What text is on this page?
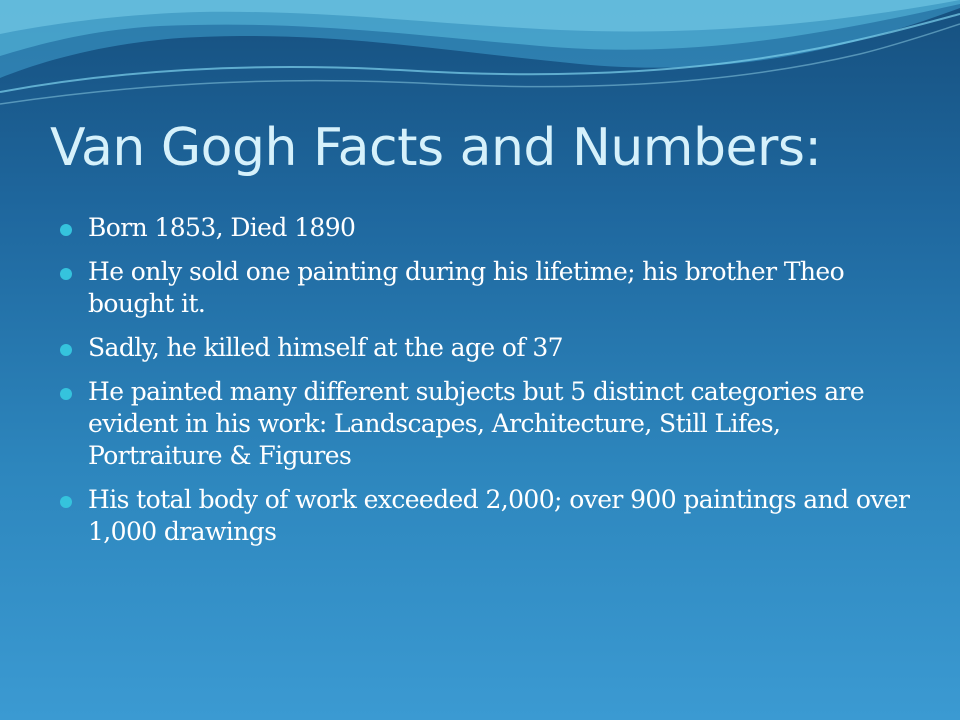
Van Gogh Facts and Numbers:
Born 1853, Died 1890
He only sold one painting during his lifetime; his brother Theo bought it.
Sadly, he killed himself at the age of 37
He painted many different subjects but 5 distinct categories are evident in his work: Landscapes, Architecture, Still Lifes, Portraiture & Figures
His total body of work exceeded 2,000; over 900 paintings and over 1,000 drawings
